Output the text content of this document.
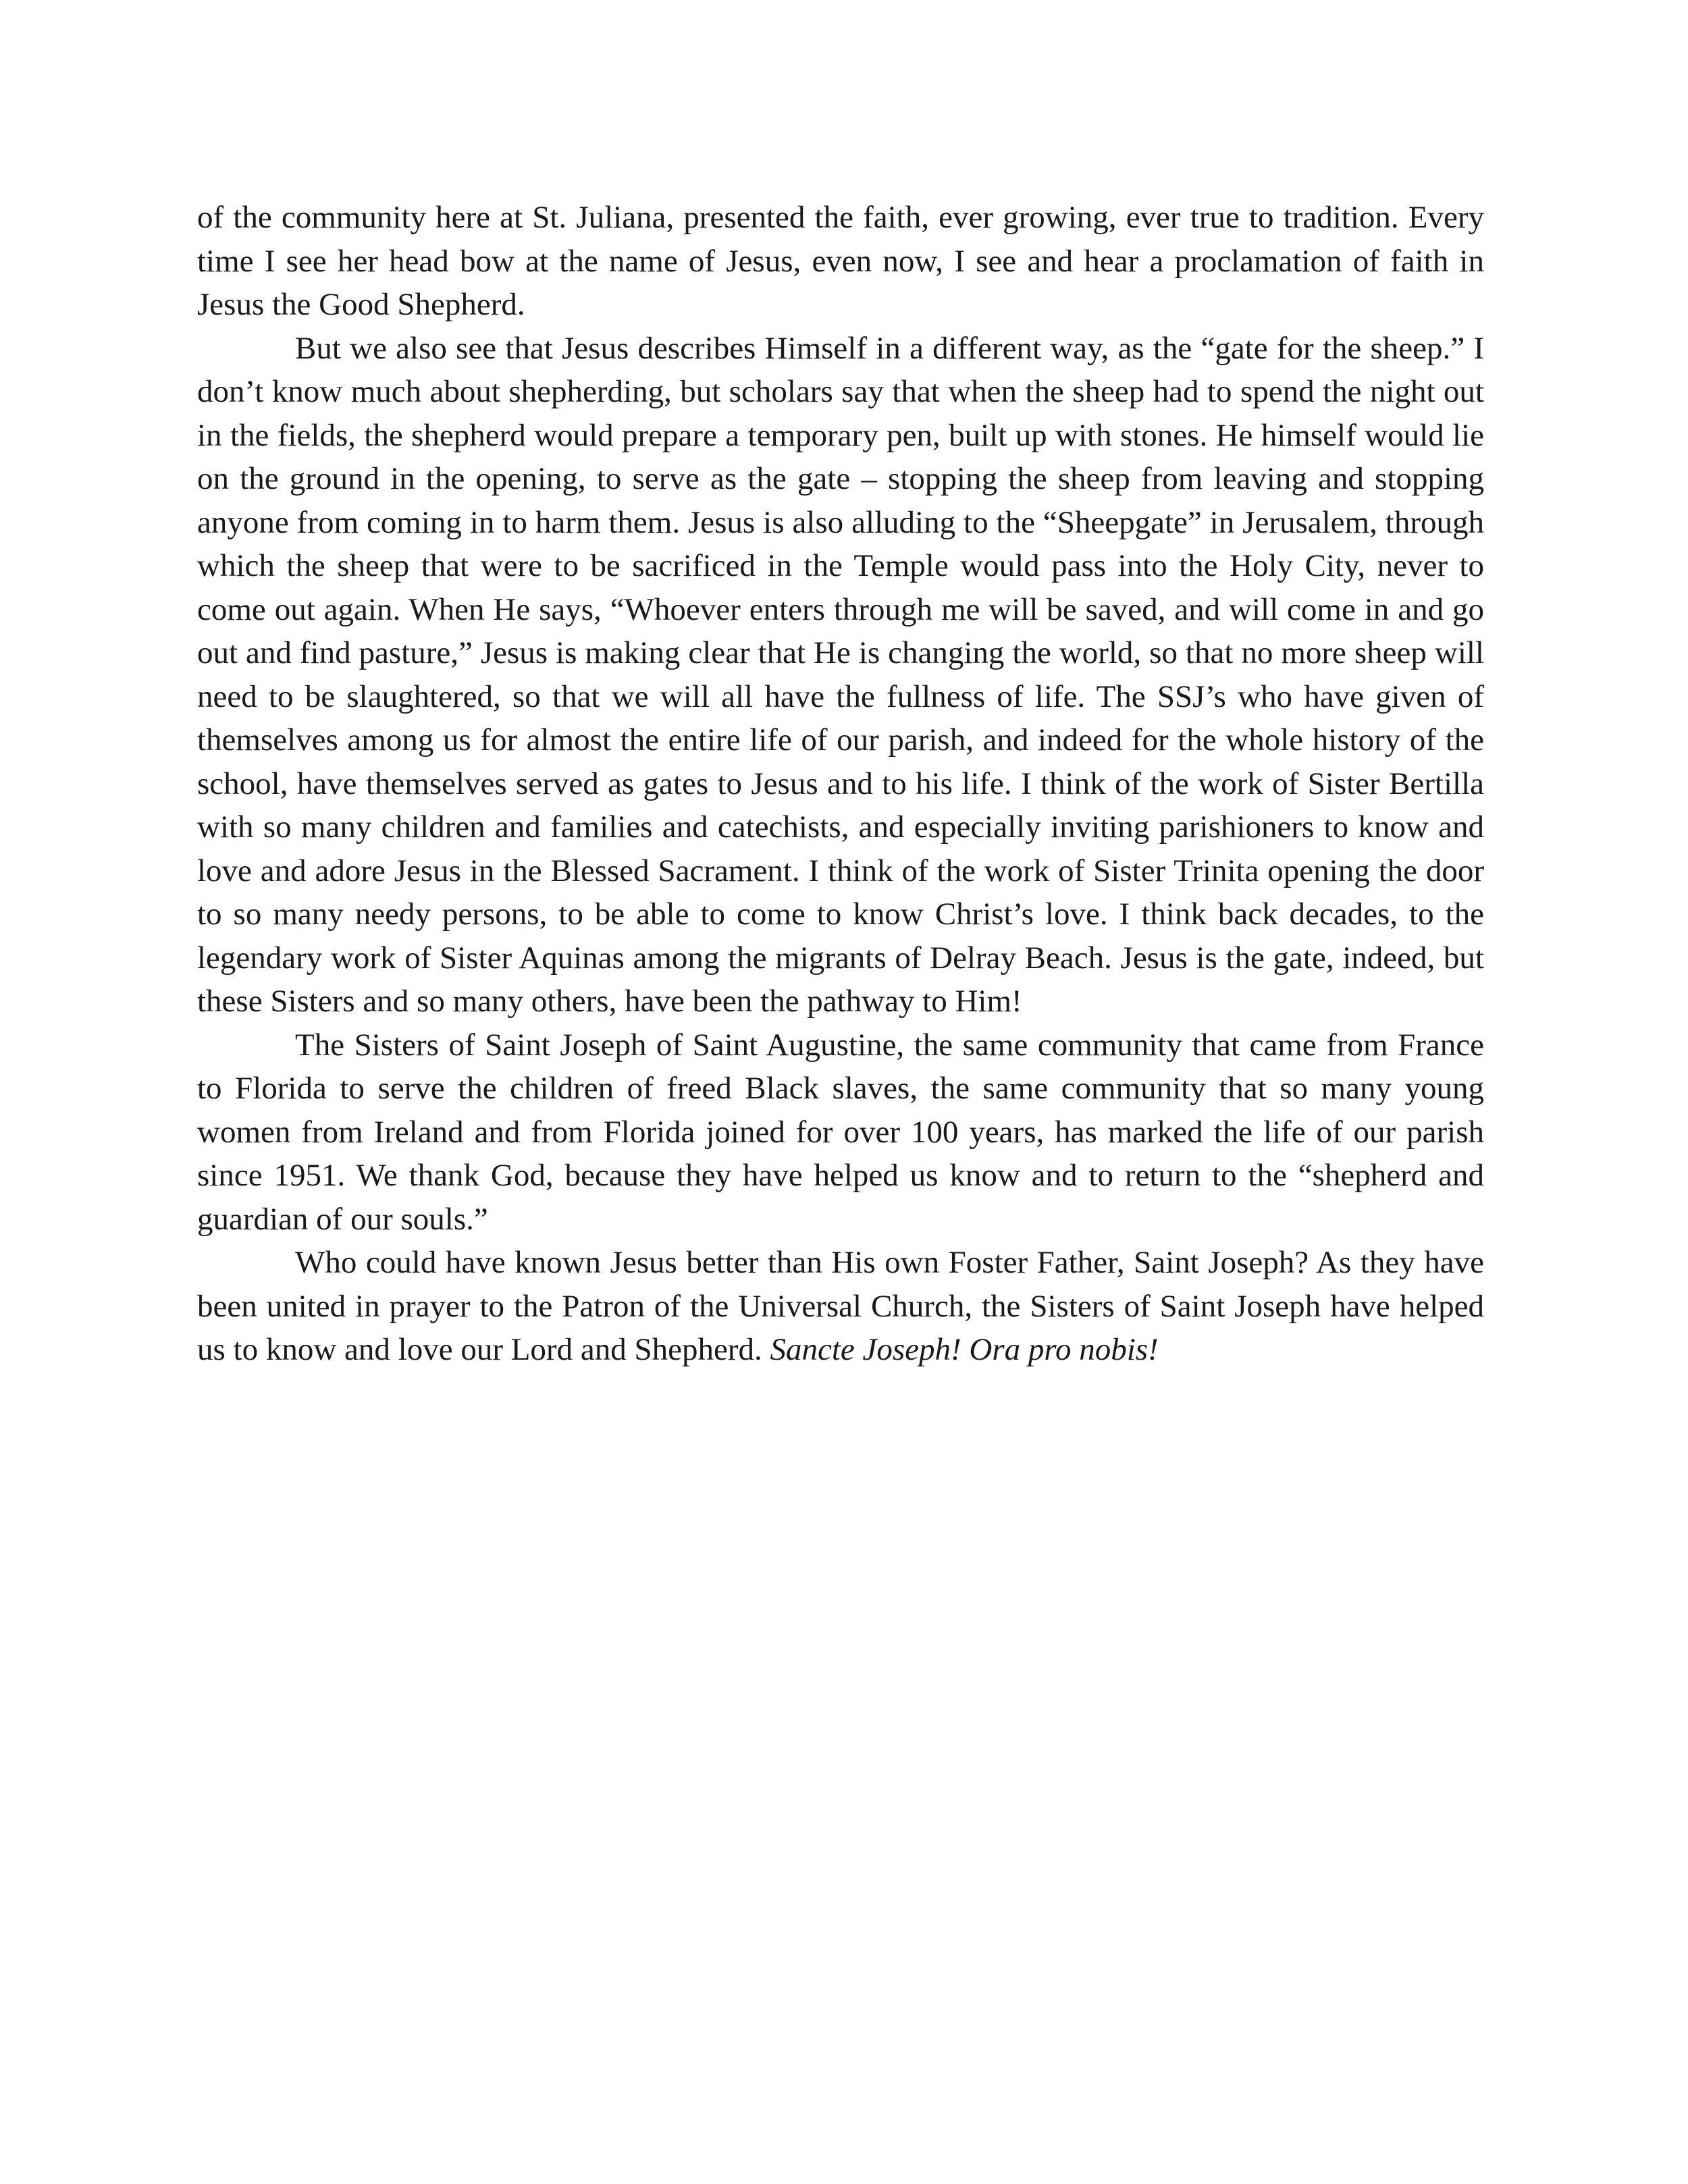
of the community here at St. Juliana, presented the faith, ever growing, ever true to tradition. Every time I see her head bow at the name of Jesus, even now, I see and hear a proclamation of faith in Jesus the Good Shepherd.

But we also see that Jesus describes Himself in a different way, as the “gate for the sheep.” I don’t know much about shepherding, but scholars say that when the sheep had to spend the night out in the fields, the shepherd would prepare a temporary pen, built up with stones. He himself would lie on the ground in the opening, to serve as the gate – stopping the sheep from leaving and stopping anyone from coming in to harm them. Jesus is also alluding to the “Sheepgate” in Jerusalem, through which the sheep that were to be sacrificed in the Temple would pass into the Holy City, never to come out again. When He says, “Whoever enters through me will be saved, and will come in and go out and find pasture,” Jesus is making clear that He is changing the world, so that no more sheep will need to be slaughtered, so that we will all have the fullness of life. The SSJ’s who have given of themselves among us for almost the entire life of our parish, and indeed for the whole history of the school, have themselves served as gates to Jesus and to his life. I think of the work of Sister Bertilla with so many children and families and catechists, and especially inviting parishioners to know and love and adore Jesus in the Blessed Sacrament. I think of the work of Sister Trinita opening the door to so many needy persons, to be able to come to know Christ’s love. I think back decades, to the legendary work of Sister Aquinas among the migrants of Delray Beach. Jesus is the gate, indeed, but these Sisters and so many others, have been the pathway to Him!

The Sisters of Saint Joseph of Saint Augustine, the same community that came from France to Florida to serve the children of freed Black slaves, the same community that so many young women from Ireland and from Florida joined for over 100 years, has marked the life of our parish since 1951. We thank God, because they have helped us know and to return to the “shepherd and guardian of our souls.”

Who could have known Jesus better than His own Foster Father, Saint Joseph? As they have been united in prayer to the Patron of the Universal Church, the Sisters of Saint Joseph have helped us to know and love our Lord and Shepherd. Sancte Joseph! Ora pro nobis!
